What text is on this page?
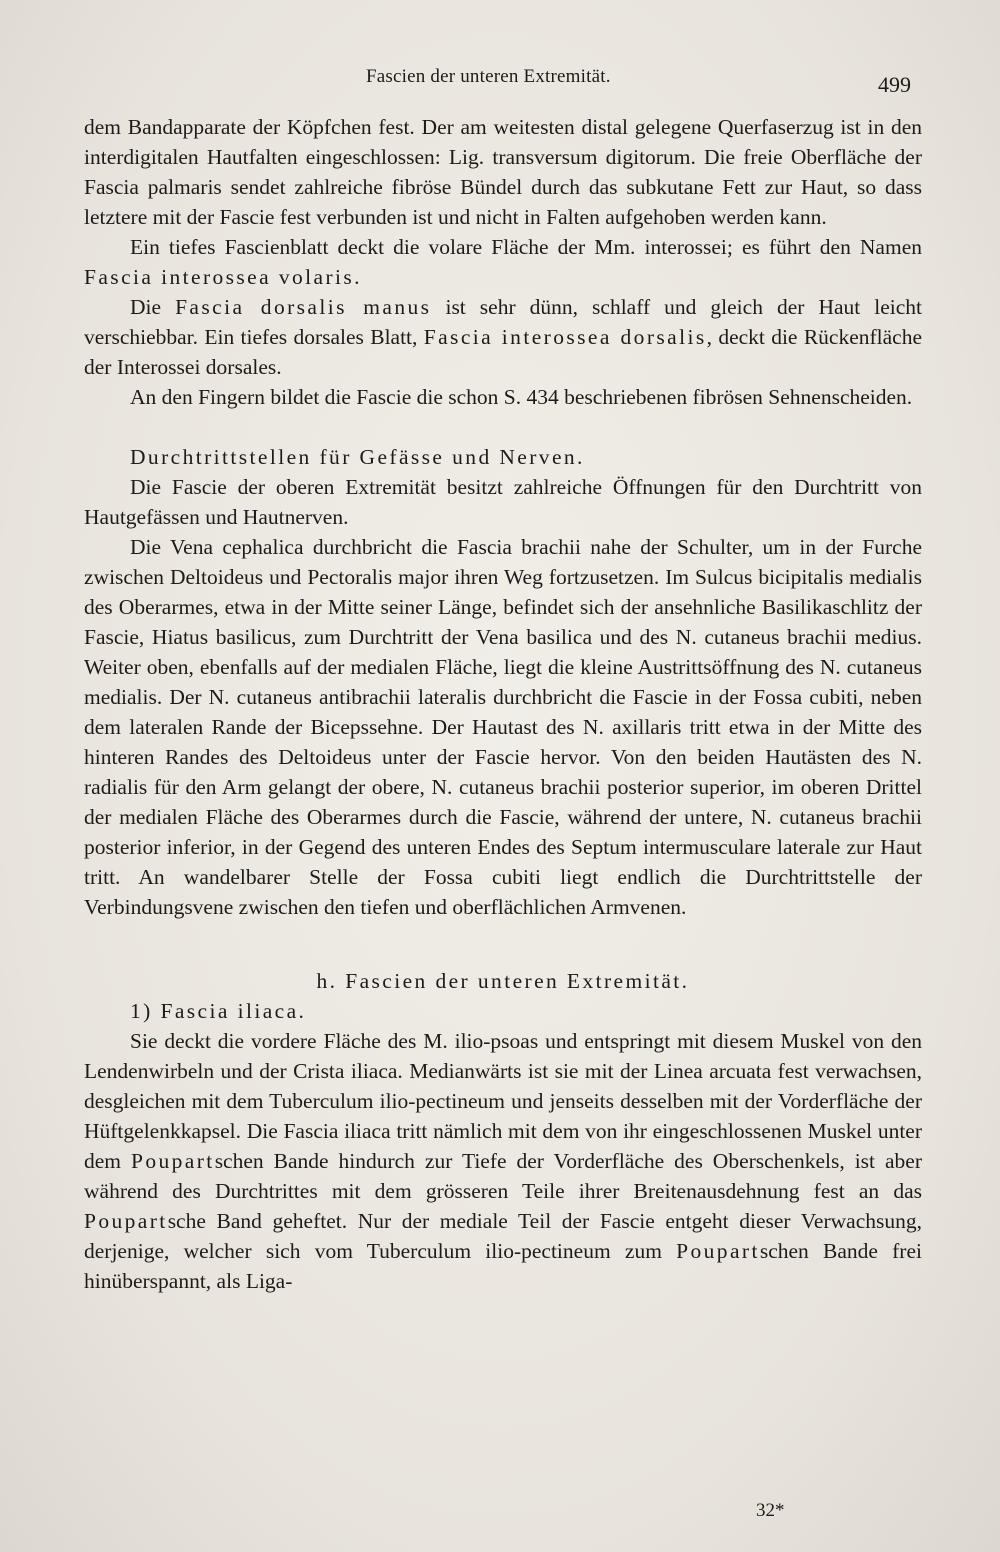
Fascien der unteren Extremität.	499

dem Bandapparate der Köpfchen fest. Der am weitesten distal gelegene Querfaserzug ist in den interdigitalen Hautfalten eingeschlossen: Lig. transversum digitorum. Die freie Oberfläche der Fascia palmaris sendet zahlreiche fibröse Bündel durch das subkutane Fett zur Haut, so dass letztere mit der Fascie fest verbunden ist und nicht in Falten aufgehoben werden kann.

Ein tiefes Fascienblatt deckt die volare Fläche der Mm. interossei; es führt den Namen Fascia interossea volaris.

Die Fascia dorsalis manus ist sehr dünn, schlaff und gleich der Haut leicht verschiebbar. Ein tiefes dorsales Blatt, Fascia interossea dorsalis, deckt die Rückenfläche der Interossei dorsales.

An den Fingern bildet die Fascie die schon S. 434 beschriebenen fibrösen Sehnenscheiden.

Durchtrittstellen für Gefässe und Nerven.

Die Fascie der oberen Extremität besitzt zahlreiche Öffnungen für den Durchtritt von Hautgefässen und Hautnerven.

Die Vena cephalica durchbricht die Fascia brachii nahe der Schulter, um in der Furche zwischen Deltoideus und Pectoralis major ihren Weg fortzusetzen. Im Sulcus bicipitalis medialis des Oberarmes, etwa in der Mitte seiner Länge, befindet sich der ansehnliche Basilikaschlitz der Fascie, Hiatus basilicus, zum Durchtritt der Vena basilica und des N. cutaneus brachii medius. Weiter oben, ebenfalls auf der medialen Fläche, liegt die kleine Austrittsöffnung des N. cutaneus medialis. Der N. cutaneus antibrachii lateralis durchbricht die Fascie in der Fossa cubiti, neben dem lateralen Rande der Bicepssehne. Der Hautast des N. axillaris tritt etwa in der Mitte des hinteren Randes des Deltoideus unter der Fascie hervor. Von den beiden Hautästen des N. radialis für den Arm gelangt der obere, N. cutaneus brachii posterior superior, im oberen Drittel der medialen Fläche des Oberarmes durch die Fascie, während der untere, N. cutaneus brachii posterior inferior, in der Gegend des unteren Endes des Septum intermusculare laterale zur Haut tritt. An wandelbarer Stelle der Fossa cubiti liegt endlich die Durchtrittstelle der Verbindungsvene zwischen den tiefen und oberflächlichen Armvenen.

h. Fascien der unteren Extremität.

1) Fascia iliaca.

Sie deckt die vordere Fläche des M. ilio-psoas und entspringt mit diesem Muskel von den Lendenwirbeln und der Crista iliaca. Medianwärts ist sie mit der Linea arcuata fest verwachsen, desgleichen mit dem Tuberculum ilio-pectineum und jenseits desselben mit der Vorderfläche der Hüftgelenkkapsel. Die Fascia iliaca tritt nämlich mit dem von ihr eingeschlossenen Muskel unter dem Poupartschen Bande hindurch zur Tiefe der Vorderfläche des Oberschenkels, ist aber während des Durchtrittes mit dem grösseren Teile ihrer Breitenausdehnung fest an das Poupartsche Band geheftet. Nur der mediale Teil der Fascie entgeht dieser Verwachsung, derjenige, welcher sich vom Tuberculum ilio-pectineum zum Poupartschen Bande frei hinüberspannt, als Liga-

32*
